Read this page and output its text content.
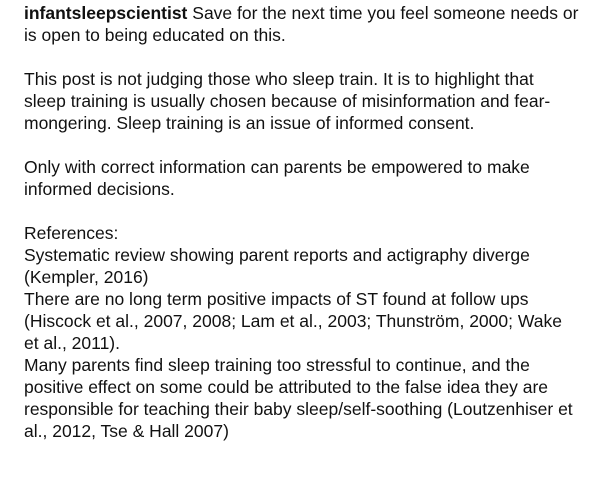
infantsleepscientist Save for the next time you feel someone needs or is open to being educated on this.

This post is not judging those who sleep train. It is to highlight that sleep training is usually chosen because of misinformation and fear-mongering. Sleep training is an issue of informed consent.

Only with correct information can parents be empowered to make informed decisions.

References:

Systematic review showing parent reports and actigraphy diverge (Kempler, 2016)

There are no long term positive impacts of ST found at follow ups (Hiscock et al., 2007, 2008; Lam et al., 2003; Thunström, 2000; Wake et al., 2011).

Many parents find sleep training too stressful to continue, and the positive effect on some could be attributed to the false idea they are responsible for teaching their baby sleep/self-soothing (Loutzenhiser et al., 2012, Tse & Hall 2007)
